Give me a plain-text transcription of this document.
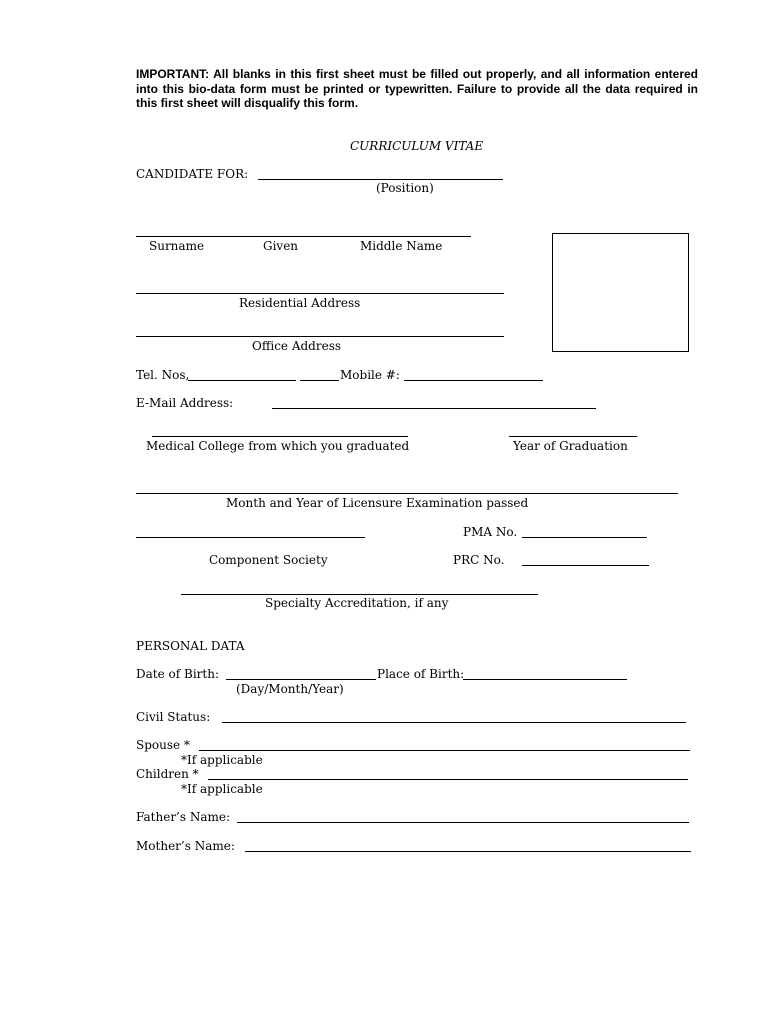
IMPORTANT: All blanks in this first sheet must be filled out properly, and all information entered into this bio-data form must be printed or typewritten. Failure to provide all the data required in this first sheet will disqualify this form.
CURRICULUM VITAE
CANDIDATE FOR:
(Position)
Surname	Given	Middle Name
Residential Address
Office Address
Tel. Nos,	Mobile #:
E-Mail Address:
Medical College from which you graduated	Year of Graduation
Month and Year of Licensure Examination passed
PMA No.
Component Society	PRC No.
Specialty Accreditation, if any
PERSONAL DATA
Date of Birth:	Place of Birth:
(Day/Month/Year)
Civil Status:
Spouse *
*If applicable
Children *
*If applicable
Father’s Name:
Mother’s Name:
